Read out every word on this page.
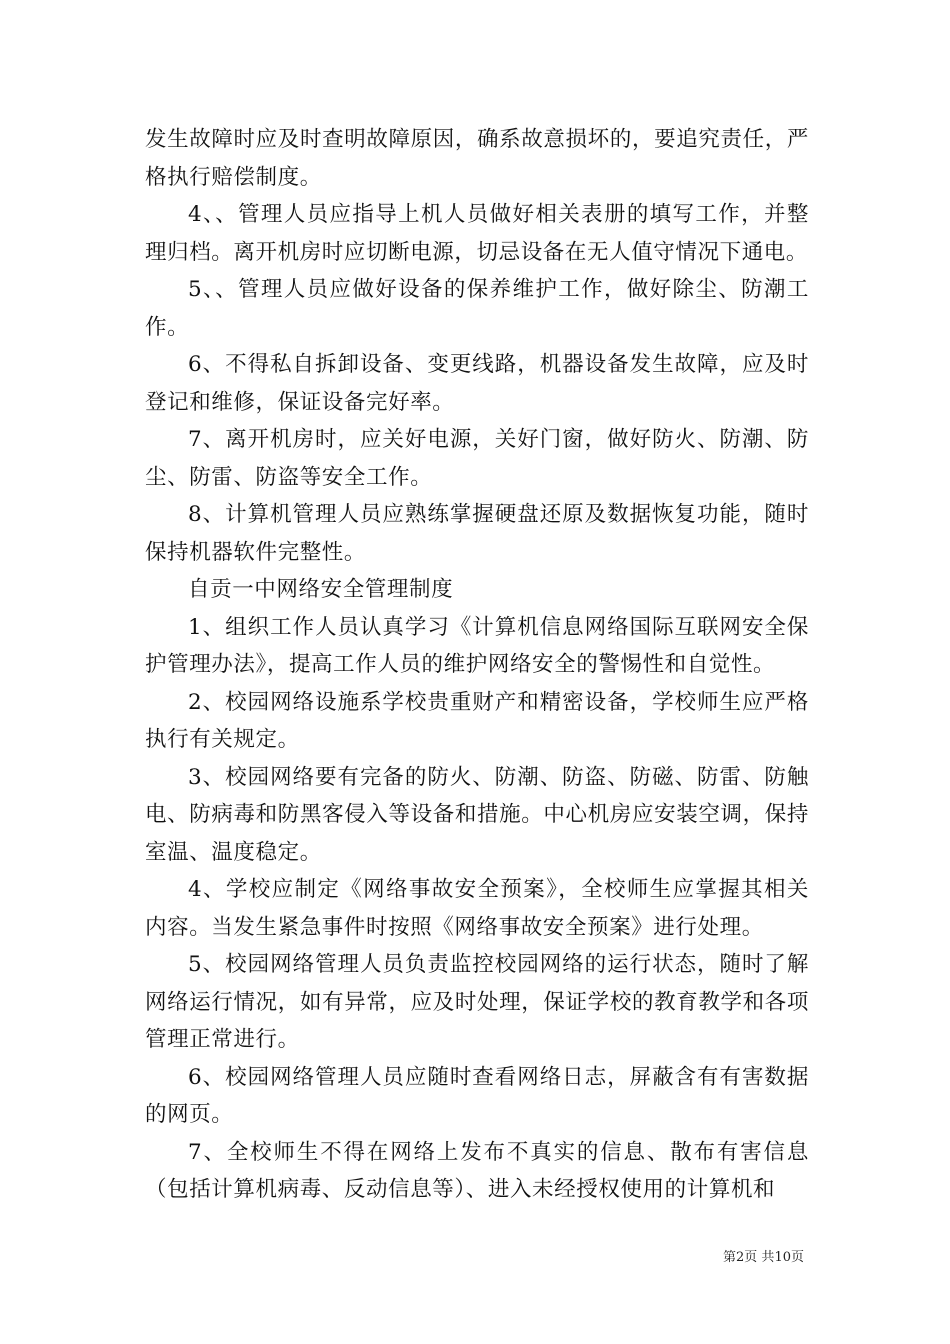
发生故障时应及时查明故障原因，确系故意损坏的，要追究责任，严格执行赔偿制度。

4、、管理人员应指导上机人员做好相关表册的填写工作，并整理归档。离开机房时应切断电源，切忌设备在无人值守情况下通电。

5、、管理人员应做好设备的保养维护工作，做好除尘、防潮工作。

6、不得私自拆卸设备、变更线路，机器设备发生故障，应及时登记和维修，保证设备完好率。

7、离开机房时，应关好电源，关好门窗，做好防火、防潮、防尘、防雷、防盗等安全工作。

8、计算机管理人员应熟练掌握硬盘还原及数据恢复功能，随时保持机器软件完整性。

自贡一中网络安全管理制度

1、组织工作人员认真学习《计算机信息网络国际互联网安全保护管理办法》，提高工作人员的维护网络安全的警惕性和自觉性。

2、校园网络设施系学校贵重财产和精密设备，学校师生应严格执行有关规定。

3、校园网络要有完备的防火、防潮、防盗、防磁、防雷、防触电、防病毒和防黑客侵入等设备和措施。中心机房应安装空调，保持室温、温度稳定。

4、学校应制定《网络事故安全预案》，全校师生应掌握其相关内容。当发生紧急事件时按照《网络事故安全预案》进行处理。

5、校园网络管理人员负责监控校园网络的运行状态，随时了解网络运行情况，如有异常，应及时处理，保证学校的教育教学和各项管理正常进行。

6、校园网络管理人员应随时查看网络日志，屏蔽含有有害数据的网页。

7、全校师生不得在网络上发布不真实的信息、散布有害信息（包括计算机病毒、反动信息等）、进入未经授权使用的计算机和

第2页 共10页
